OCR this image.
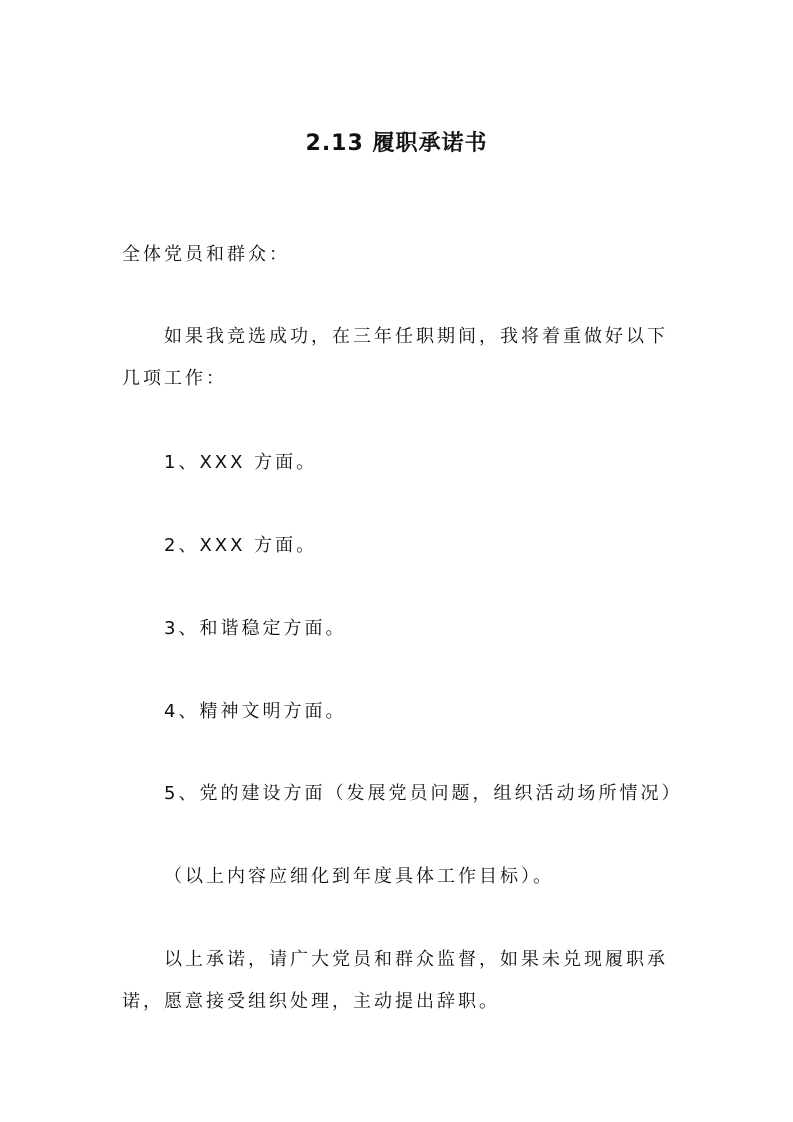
2.13 履职承诺书
全体党员和群众：
如果我竞选成功，在三年任职期间，我将着重做好以下
几项工作：
1、XXX 方面。
2、XXX 方面。
3、和谐稳定方面。
4、精神文明方面。
5、党的建设方面（发展党员问题，组织活动场所情况）
（以上内容应细化到年度具体工作目标）。
以上承诺，请广大党员和群众监督，如果未兑现履职承
诺，愿意接受组织处理，主动提出辞职。
